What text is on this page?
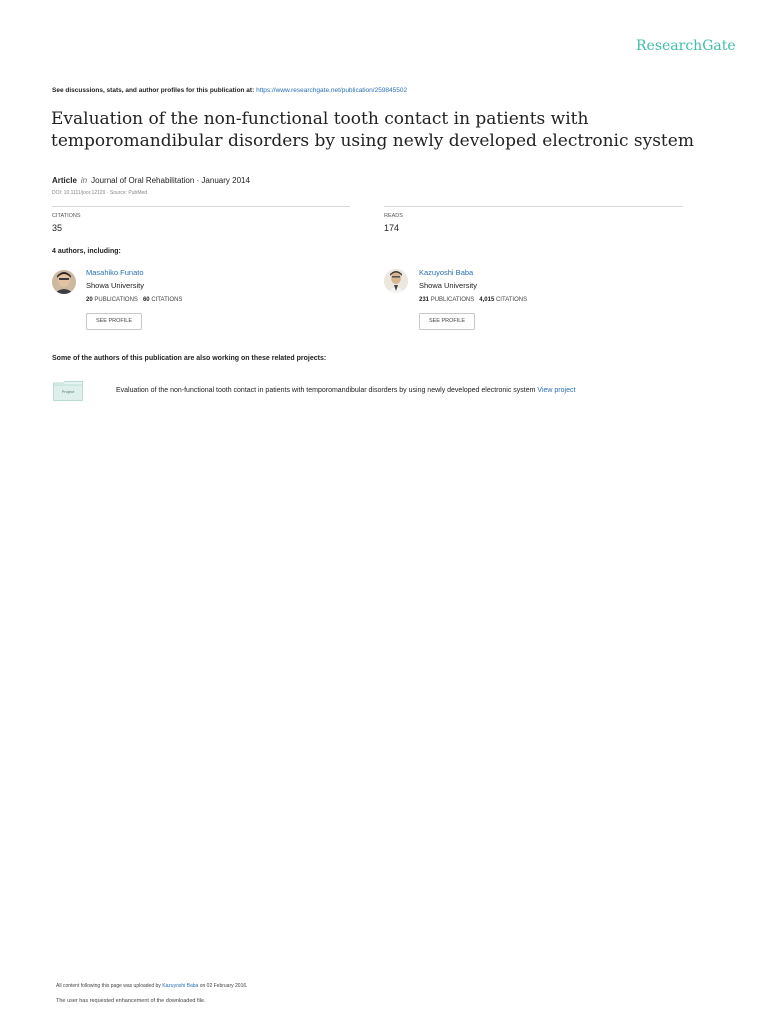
ResearchGate
See discussions, stats, and author profiles for this publication at: https://www.researchgate.net/publication/259845502
Evaluation of the non-functional tooth contact in patients with
temporomandibular disorders by using newly developed electronic system
Article in Journal of Oral Rehabilitation · January 2014
DOI: 10.1111/joor.12129 · Source: PubMed
CITATIONS
35
READS
174
4 authors, including:
Masahiko Funato
Showa University
20 PUBLICATIONS 60 CITATIONS
SEE PROFILE
Kazuyoshi Baba
Showa University
231 PUBLICATIONS 4,015 CITATIONS
SEE PROFILE
Some of the authors of this publication are also working on these related projects:
Project	Evaluation of the non-functional tooth contact in patients with temporomandibular disorders by using newly developed electronic system View project
All content following this page was uploaded by Kazuyoshi Baba on 02 February 2016.
The user has requested enhancement of the downloaded file.
